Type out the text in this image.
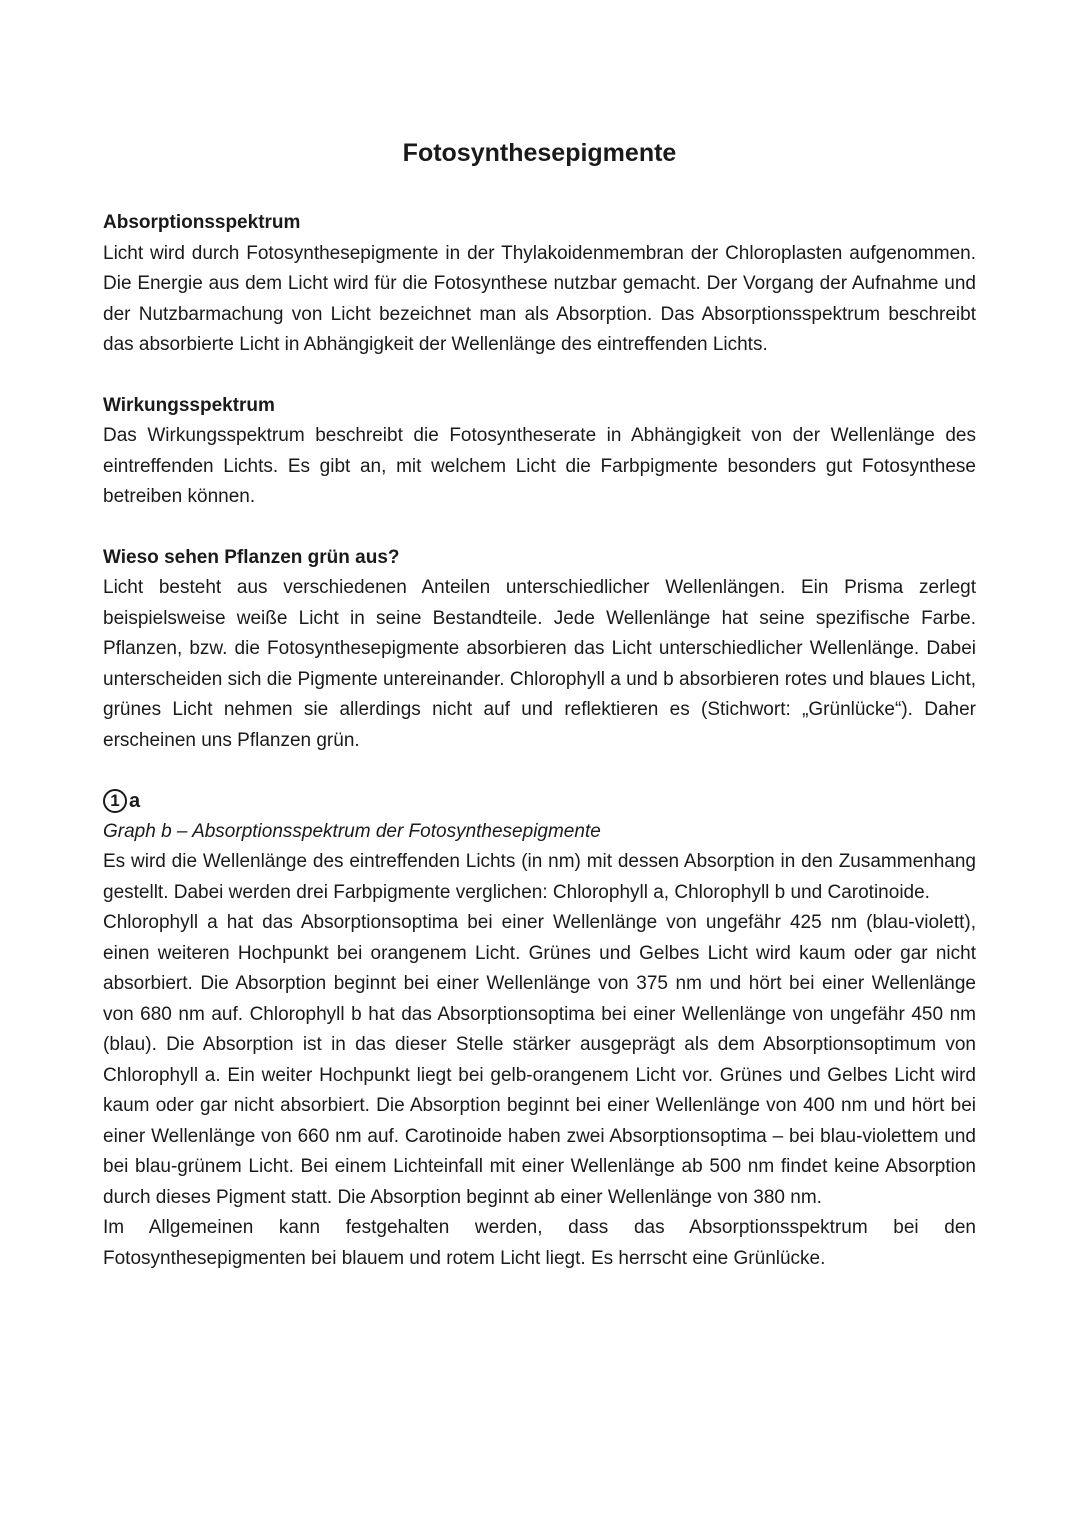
Fotosynthesepigmente

Absorptionsspektrum

Licht wird durch Fotosynthesepigmente in der Thylakoidenmembran der Chloroplasten aufgenommen. Die Energie aus dem Licht wird für die Fotosynthese nutzbar gemacht. Der Vorgang der Aufnahme und der Nutzbarmachung von Licht bezeichnet man als Absorption. Das Absorptionsspektrum beschreibt das absorbierte Licht in Abhängigkeit der Wellenlänge des eintreffenden Lichts.

Wirkungsspektrum

Das Wirkungsspektrum beschreibt die Fotosyntheserate in Abhängigkeit von der Wellenlänge des eintreffenden Lichts. Es gibt an, mit welchem Licht die Farbpigmente besonders gut Fotosynthese betreiben können.

Wieso sehen Pflanzen grün aus?

Licht besteht aus verschiedenen Anteilen unterschiedlicher Wellenlängen. Ein Prisma zerlegt beispielsweise weiße Licht in seine Bestandteile. Jede Wellenlänge hat seine spezifische Farbe. Pflanzen, bzw. die Fotosynthesepigmente absorbieren das Licht unterschiedlicher Wellenlänge. Dabei unterscheiden sich die Pigmente untereinander. Chlorophyll a und b absorbieren rotes und blaues Licht, grünes Licht nehmen sie allerdings nicht auf und reflektieren es (Stichwort: „Grünlücke“). Daher erscheinen uns Pflanzen grün.

1 a

Graph b – Absorptionsspektrum der Fotosynthesepigmente

Es wird die Wellenlänge des eintreffenden Lichts (in nm) mit dessen Absorption in den Zusammenhang gestellt. Dabei werden drei Farbpigmente verglichen: Chlorophyll a, Chlorophyll b und Carotinoide.

Chlorophyll a hat das Absorptionsoptima bei einer Wellenlänge von ungefähr 425 nm (blau-violett), einen weiteren Hochpunkt bei orangenem Licht. Grünes und Gelbes Licht wird kaum oder gar nicht absorbiert. Die Absorption beginnt bei einer Wellenlänge von 375 nm und hört bei einer Wellenlänge von 680 nm auf. Chlorophyll b hat das Absorptionsoptima bei einer Wellenlänge von ungefähr 450 nm (blau). Die Absorption ist in das dieser Stelle stärker ausgeprägt als dem Absorptionsoptimum von Chlorophyll a. Ein weiter Hochpunkt liegt bei gelb-orangenem Licht vor. Grünes und Gelbes Licht wird kaum oder gar nicht absorbiert. Die Absorption beginnt bei einer Wellenlänge von 400 nm und hört bei einer Wellenlänge von 660 nm auf. Carotinoide haben zwei Absorptionsoptima – bei blau-violettem und bei blau-grünem Licht. Bei einem Lichteinfall mit einer Wellenlänge ab 500 nm findet keine Absorption durch dieses Pigment statt. Die Absorption beginnt ab einer Wellenlänge von 380 nm.

Im Allgemeinen kann festgehalten werden, dass das Absorptionsspektrum bei den Fotosynthesepigmenten bei blauem und rotem Licht liegt. Es herrscht eine Grünlücke.
